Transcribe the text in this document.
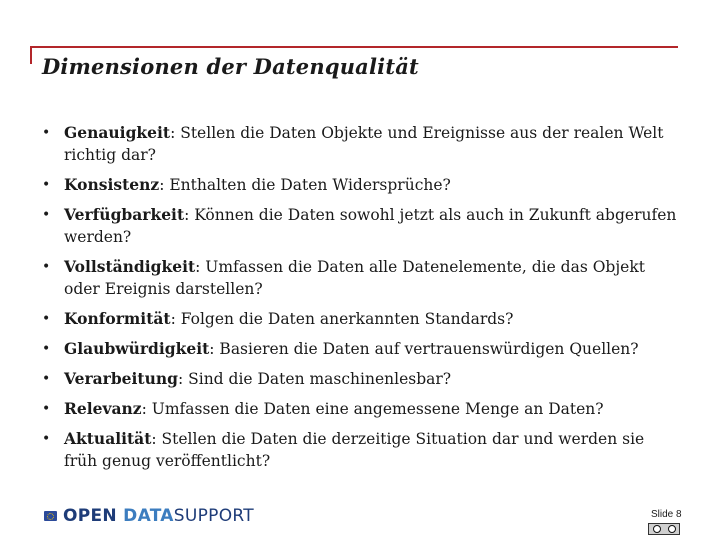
Dimensionen der Datenqualität
• Genauigkeit: Stellen die Daten Objekte und Ereignisse aus der realen Welt richtig dar?
• Konsistenz: Enthalten die Daten Widersprüche?
• Verfügbarkeit: Können die Daten sowohl jetzt als auch in Zukunft abgerufen werden?
• Vollständigkeit: Umfassen die Daten alle Datenelemente, die das Objekt oder Ereignis darstellen?
• Konformität: Folgen die Daten anerkannten Standards?
• Glaubwürdigkeit: Basieren die Daten auf vertrauenswürdigen Quellen?
• Verarbeitung: Sind die Daten maschinenlesbar?
• Relevanz: Umfassen die Daten eine angemessene Menge an Daten?
• Aktualität: Stellen die Daten die derzeitige Situation dar und werden sie früh genug veröffentlicht?
OPEN DATASUPPORT	Slide 8
